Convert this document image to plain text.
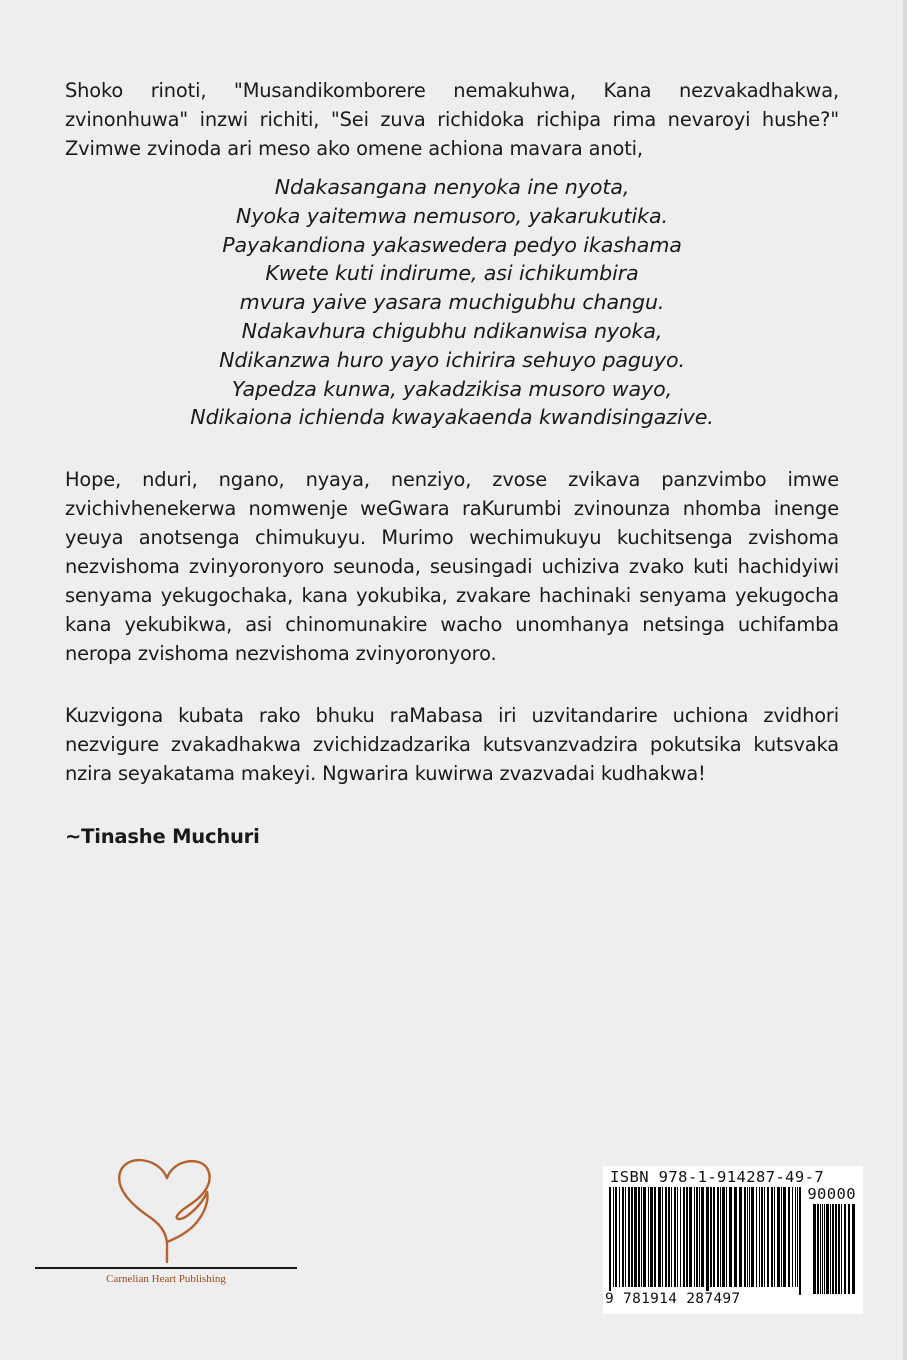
Shoko rinoti, "Musandikomborere nemakuhwa, Kana nezvakadhakwa, zvinonhuwa" inzwi richiti, "Sei zuva richidoka richipa rima nevaroyi hushe?" Zvimwe zvinoda ari meso ako omene achiona mavara anoti,

Ndakasangana nenyoka ine nyota,
Nyoka yaitemwa nemusoro, yakarukutika.
Payakandiona yakaswedera pedyo ikashama
Kwete kuti indirume, asi ichikumbira
mvura yaive yasara muchigubhu changu.
Ndakavhura chigubhu ndikanwisa nyoka,
Ndikanzwa huro yayo ichirira sehuyo paguyo.
Yapedza kunwa, yakadzikisa musoro wayo,
Ndikaiona ichienda kwayakaenda kwandisingazive.

Hope, nduri, ngano, nyaya, nenziyo, zvose zvikava panzvimbo imwe zvichivhenekerwa nomwenje weGwara raKurumbi zvinounza nhomba inenge yeuya anotsenga chimukuyu. Murimo wechimukuyu kuchitsenga zvishoma nezvishoma zvinyoronyoro seunoda, seusingadi uchiziva zvako kuti hachidyiwi senyama yekugochaka, kana yokubika, zvakare hachinaki senyama yekugocha kana yekubikwa, asi chinomunakire wacho unomhanya netsinga uchifamba neropa zvishoma nezvishoma zvinyoronyoro.

Kuzvigona kubata rako bhuku raMabasa iri uzvitandarire uchiona zvidhori nezvigure zvakadhakwa zvichidzadzarika kutsvanzvadzira pokutsika kutsvaka nzira seyakatama makeyi. Ngwarira kuwirwa zvazvadai kudhakwa!

~Tinashe Muchuri
Carnelian Heart Publishing
ISBN 978-1-914287-49-7
90000
9 781914 287497
